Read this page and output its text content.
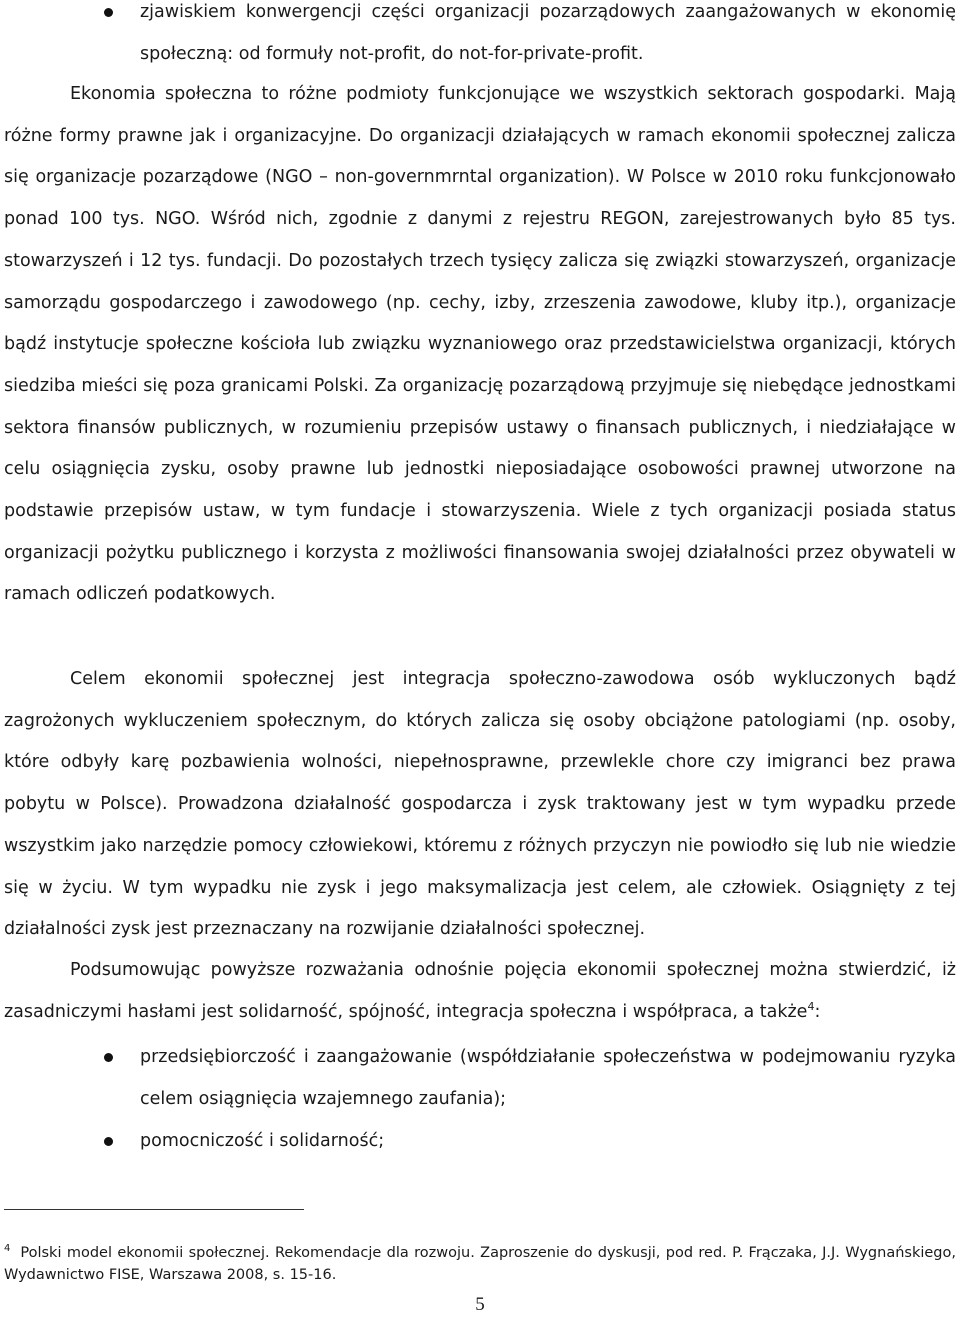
zjawiskiem konwergencji części organizacji pozarządowych zaangażowanych w ekonomię społeczną: od formuły not-profit, do not-for-private-profit.
Ekonomia społeczna to różne podmioty funkcjonujące we wszystkich sektorach gospodarki. Mają różne formy prawne jak i organizacyjne. Do organizacji działających w ramach ekonomii społecznej zalicza się organizacje pozarządowe (NGO – non-governmrntal organization). W Polsce w 2010 roku funkcjonowało ponad 100 tys. NGO. Wśród nich, zgodnie z danymi z rejestru REGON, zarejestrowanych było 85 tys. stowarzyszeń i 12 tys. fundacji. Do pozostałych trzech tysięcy zalicza się związki stowarzyszeń, organizacje samorządu gospodarczego i zawodowego (np. cechy, izby, zrzeszenia zawodowe, kluby itp.), organizacje bądź instytucje społeczne kościoła lub związku wyznaniowego oraz przedstawicielstwa organizacji, których siedziba mieści się poza granicami Polski. Za organizację pozarządową przyjmuje się niebędące jednostkami sektora finansów publicznych, w rozumieniu przepisów ustawy o finansach publicznych, i niedziałające w celu osiągnięcia zysku, osoby prawne lub jednostki nieposiadające osobowości prawnej utworzone na podstawie przepisów ustaw, w tym fundacje i stowarzyszenia. Wiele z tych organizacji posiada status organizacji pożytku publicznego i korzysta z możliwości finansowania swojej działalności przez obywateli w ramach odliczeń podatkowych.
Celem ekonomii społecznej jest integracja społeczno-zawodowa osób wykluczonych bądź zagrożonych wykluczeniem społecznym, do których zalicza się osoby obciążone patologiami (np. osoby, które odbyły karę pozbawienia wolności, niepełnosprawne, przewlekle chore czy imigranci bez prawa pobytu w Polsce). Prowadzona działalność gospodarcza i zysk traktowany jest w tym wypadku przede wszystkim jako narzędzie pomocy człowiekowi, któremu z różnych przyczyn nie powiodło się lub nie wiedzie się w życiu. W tym wypadku nie zysk i jego maksymalizacja jest celem, ale człowiek. Osiągnięty z tej działalności zysk jest przeznaczany na rozwijanie działalności społecznej.
Podsumowując powyższe rozważania odnośnie pojęcia ekonomii społecznej można stwierdzić, iż zasadniczymi hasłami jest solidarność, spójność, integracja społeczna i współpraca, a także$^4$:
przedsiębiorczość i zaangażowanie (współdziałanie społeczeństwa w podejmowaniu ryzyka celem osiągnięcia wzajemnego zaufania);
pomocniczość i solidarność;
$^4$ Polski model ekonomii społecznej. Rekomendacje dla rozwoju. Zaproszenie do dyskusji, pod red. P. Frączaka, J.J. Wygnańskiego, Wydawnictwo FISE, Warszawa 2008, s. 15-16.
5
